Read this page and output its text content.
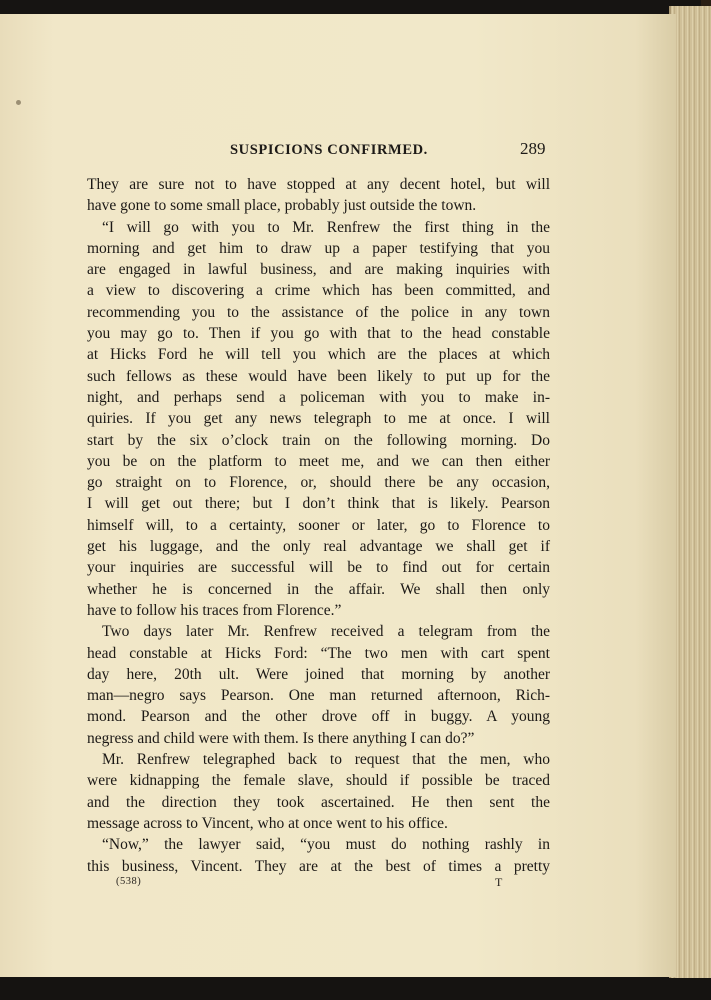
SUSPICIONS CONFIRMED.	289
They are sure not to have stopped at any decent hotel, but will
have gone to some small place, probably just outside the town.
“I will go with you to Mr. Renfrew the first thing in the
morning and get him to draw up a paper testifying that you
are engaged in lawful business, and are making inquiries with
a view to discovering a crime which has been committed, and
recommending you to the assistance of the police in any town
you may go to. Then if you go with that to the head constable
at Hicks Ford he will tell you which are the places at which
such fellows as these would have been likely to put up for the
night, and perhaps send a policeman with you to make in-
quiries. If you get any news telegraph to me at once. I will
start by the six o’clock train on the following morning. Do
you be on the platform to meet me, and we can then either
go straight on to Florence, or, should there be any occasion,
I will get out there; but I don’t think that is likely. Pearson
himself will, to a certainty, sooner or later, go to Florence to
get his luggage, and the only real advantage we shall get if
your inquiries are successful will be to find out for certain
whether he is concerned in the affair. We shall then only
have to follow his traces from Florence.”
Two days later Mr. Renfrew received a telegram from the
head constable at Hicks Ford: “The two men with cart spent
day here, 20th ult. Were joined that morning by another
man—negro says Pearson. One man returned afternoon, Rich-
mond. Pearson and the other drove off in buggy. A young
negress and child were with them. Is there anything I can do?”
Mr. Renfrew telegraphed back to request that the men, who
were kidnapping the female slave, should if possible be traced
and the direction they took ascertained. He then sent the
message across to Vincent, who at once went to his office.
“Now,” the lawyer said, “you must do nothing rashly in
this business, Vincent. They are at the best of times a pretty
(538)	T
